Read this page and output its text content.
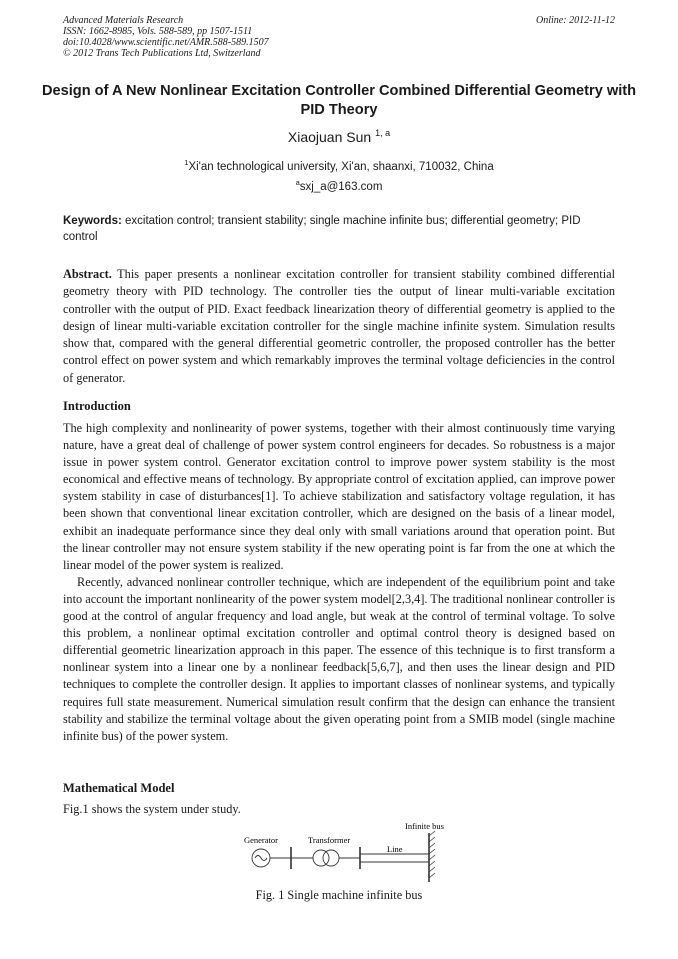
Advanced Materials Research
ISSN: 1662-8985, Vols. 588-589, pp 1507-1511
doi:10.4028/www.scientific.net/AMR.588-589.1507
© 2012 Trans Tech Publications Ltd, Switzerland
Online: 2012-11-12
Design of A New Nonlinear Excitation Controller Combined Differential Geometry with PID Theory
Xiaojuan Sun $^{1, a}$
$^1$Xi'an technological university, Xi'an, shaanxi, 710032, China
$^a$sxj_a@163.com
Keywords: excitation control; transient stability; single machine infinite bus; differential geometry; PID control
Abstract. This paper presents a nonlinear excitation controller for transient stability combined differential geometry theory with PID technology. The controller ties the output of linear multi-variable excitation controller with the output of PID. Exact feedback linearization theory of differential geometry is applied to the design of linear multi-variable excitation controller for the single machine infinite system. Simulation results show that, compared with the general differential geometric controller, the proposed controller has the better control effect on power system and which remarkably improves the terminal voltage deficiencies in the control of generator.
Introduction

The high complexity and nonlinearity of power systems, together with their almost continuously time varying nature, have a great deal of challenge of power system control engineers for decades. So robustness is a major issue in power system control. Generator excitation control to improve power system stability is the most economical and effective means of technology. By appropriate control of excitation applied, can improve power system stability in case of disturbances[1]. To achieve stabilization and satisfactory voltage regulation, it has been shown that conventional linear excitation controller, which are designed on the basis of a linear model, exhibit an inadequate performance since they deal only with small variations around that operation point. But the linear controller may not ensure system stability if the new operating point is far from the one at which the linear model of the power system is realized.

Recently, advanced nonlinear controller technique, which are independent of the equilibrium point and take into account the important nonlinearity of the power system model[2,3,4]. The traditional nonlinear controller is good at the control of angular frequency and load angle, but weak at the control of terminal voltage. To solve this problem, a nonlinear optimal excitation controller and optimal control theory is designed based on differential geometric linearization approach in this paper. The essence of this technique is to first transform a nonlinear system into a linear one by a nonlinear feedback[5,6,7], and then uses the linear design and PID techniques to complete the controller design. It applies to important classes of nonlinear systems, and typically requires full state measurement. Numerical simulation result confirm that the design can enhance the transient stability and stabilize the terminal voltage about the given operating point from a SMIB model (single machine infinite bus) of the power system.

Mathematical Model
Fig.1 shows the system under study.
Generator	Transformer
Line
Infinite bus
Fig. 1 Single machine infinite bus
